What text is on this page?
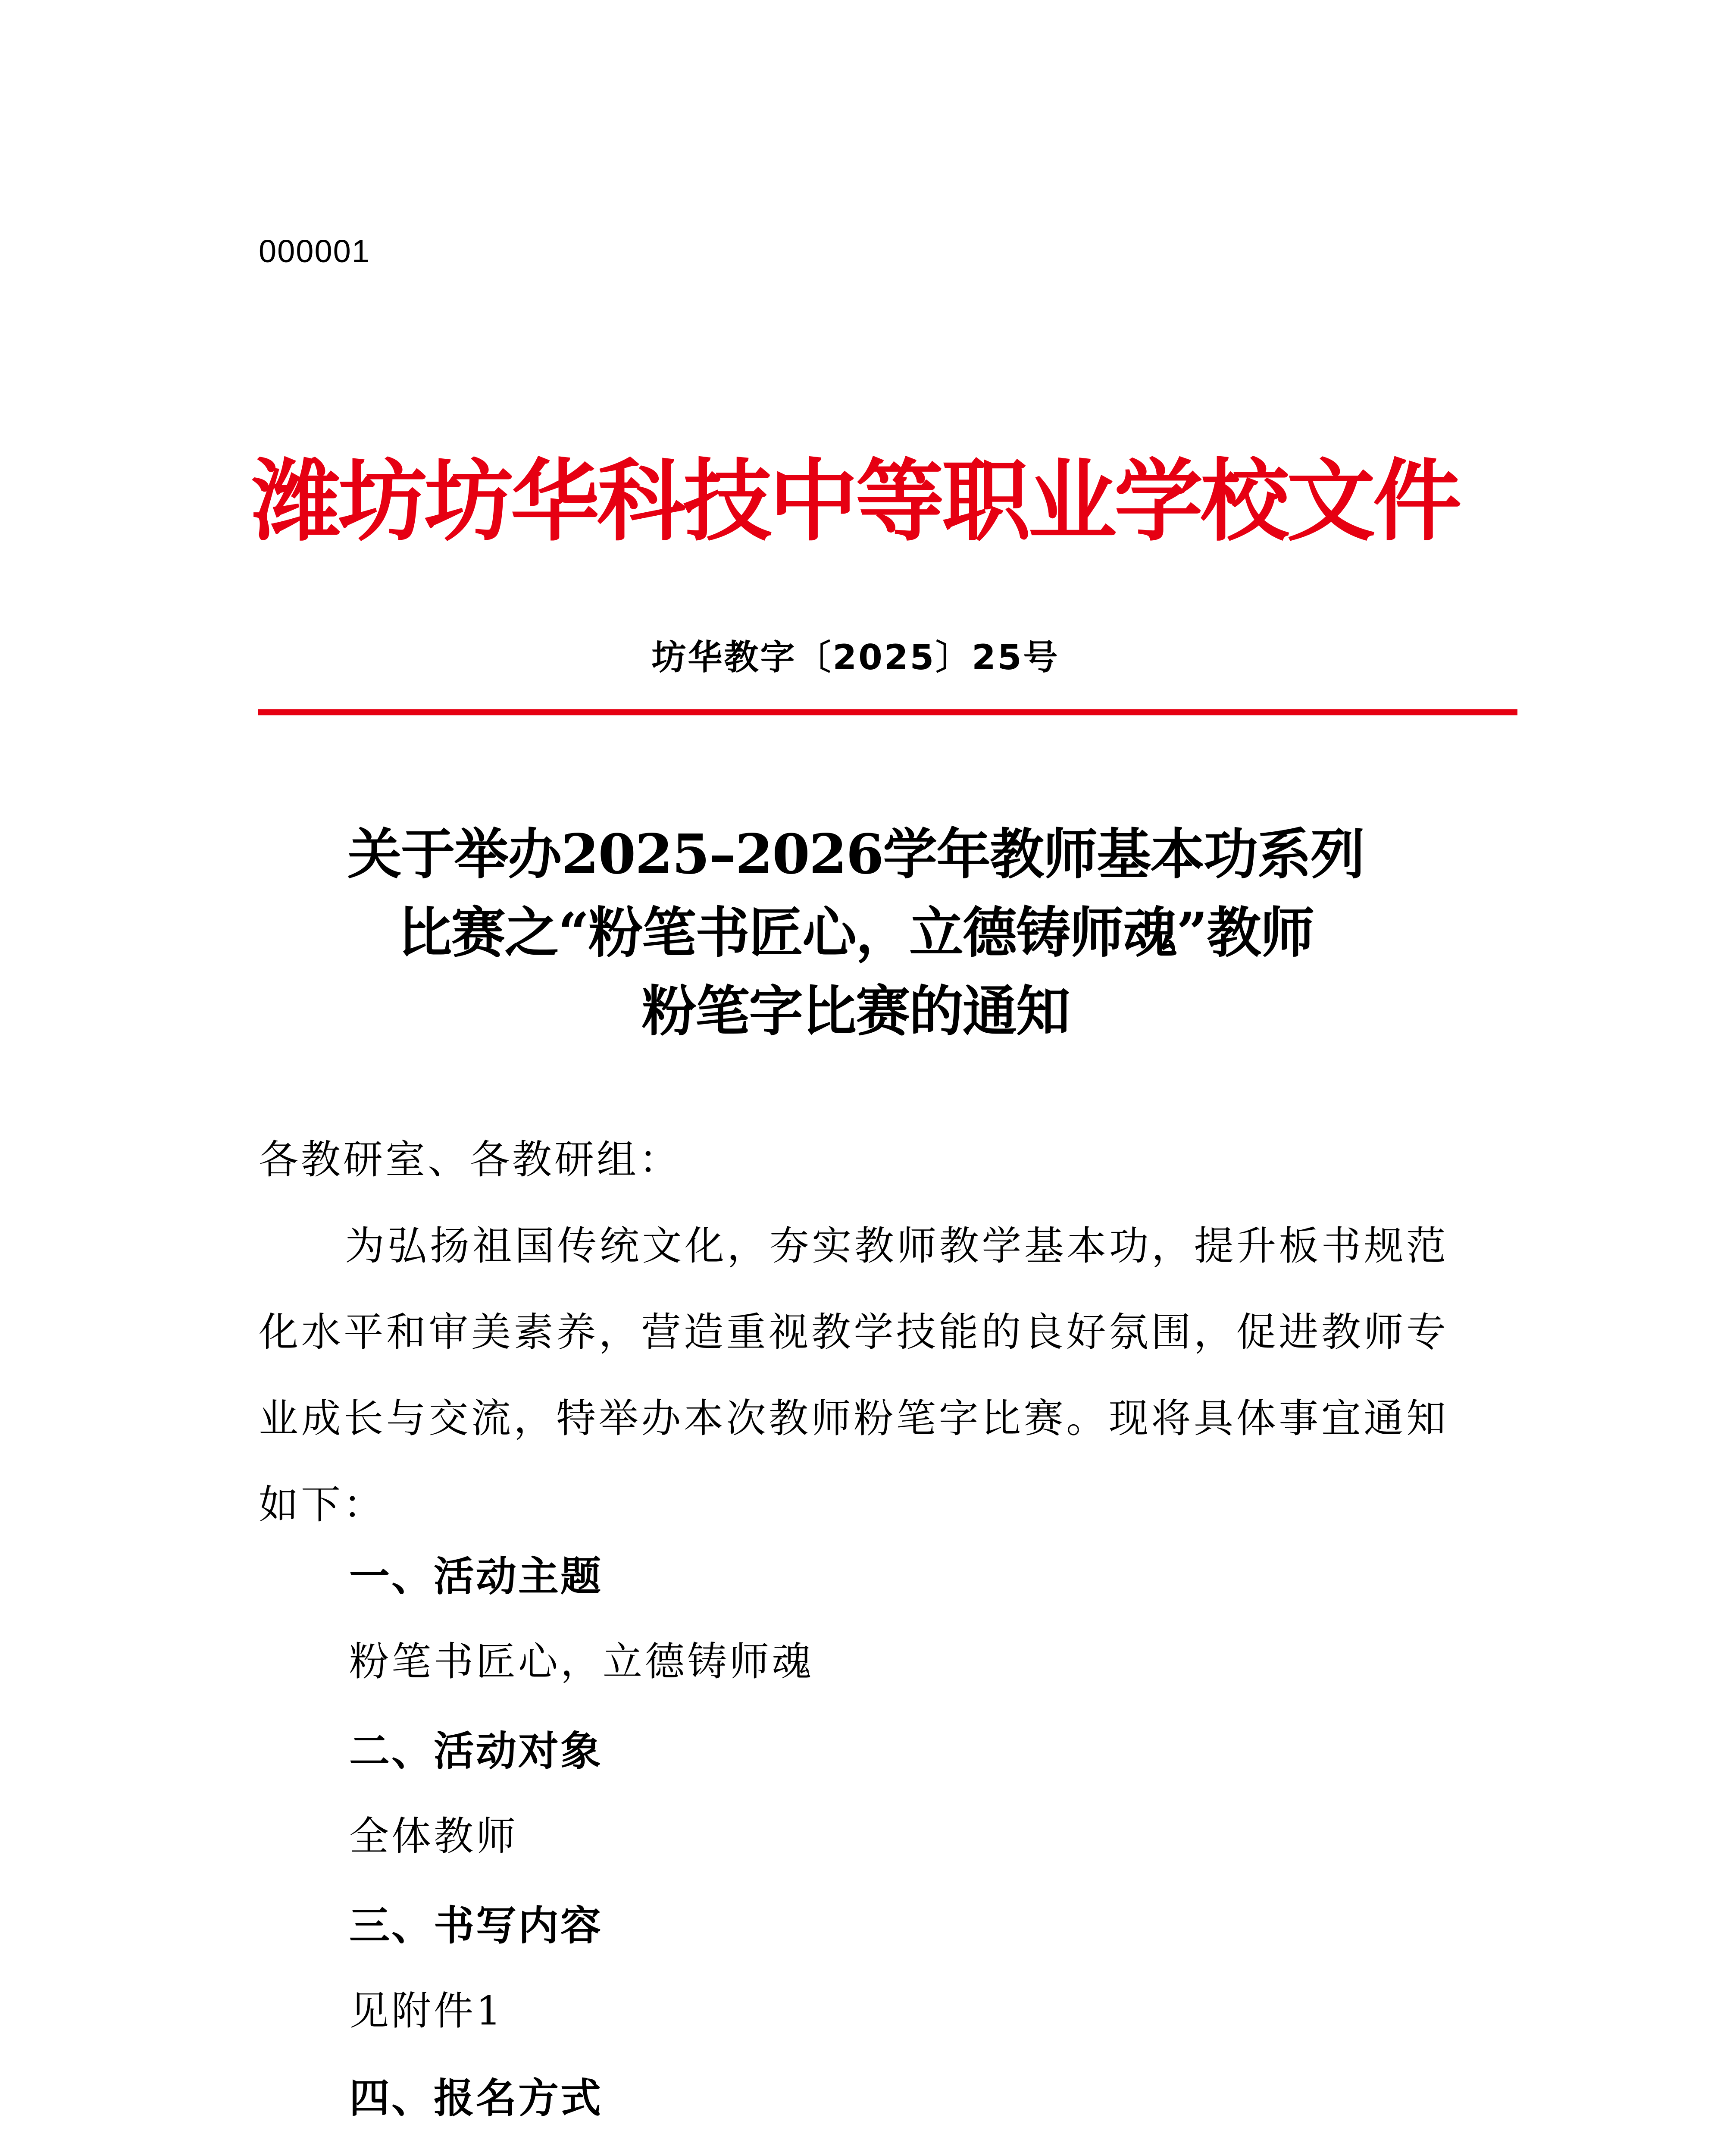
000001
潍坊坊华科技中等职业学校文件
坊华教字〔2025〕25号
关于举办2025–2026学年教师基本功系列
比赛之“粉笔书匠心，立德铸师魂”教师
粉笔字比赛的通知
各教研室、各教研组：
为弘扬祖国传统文化，夯实教师教学基本功，提升板书规范化水平和审美素养，营造重视教学技能的良好氛围，促进教师专业成长与交流，特举办本次教师粉笔字比赛。现将具体事宜通知如下：
一、活动主题
粉笔书匠心，立德铸师魂
二、活动对象
全体教师
三、书写内容
见附件1
四、报名方式
